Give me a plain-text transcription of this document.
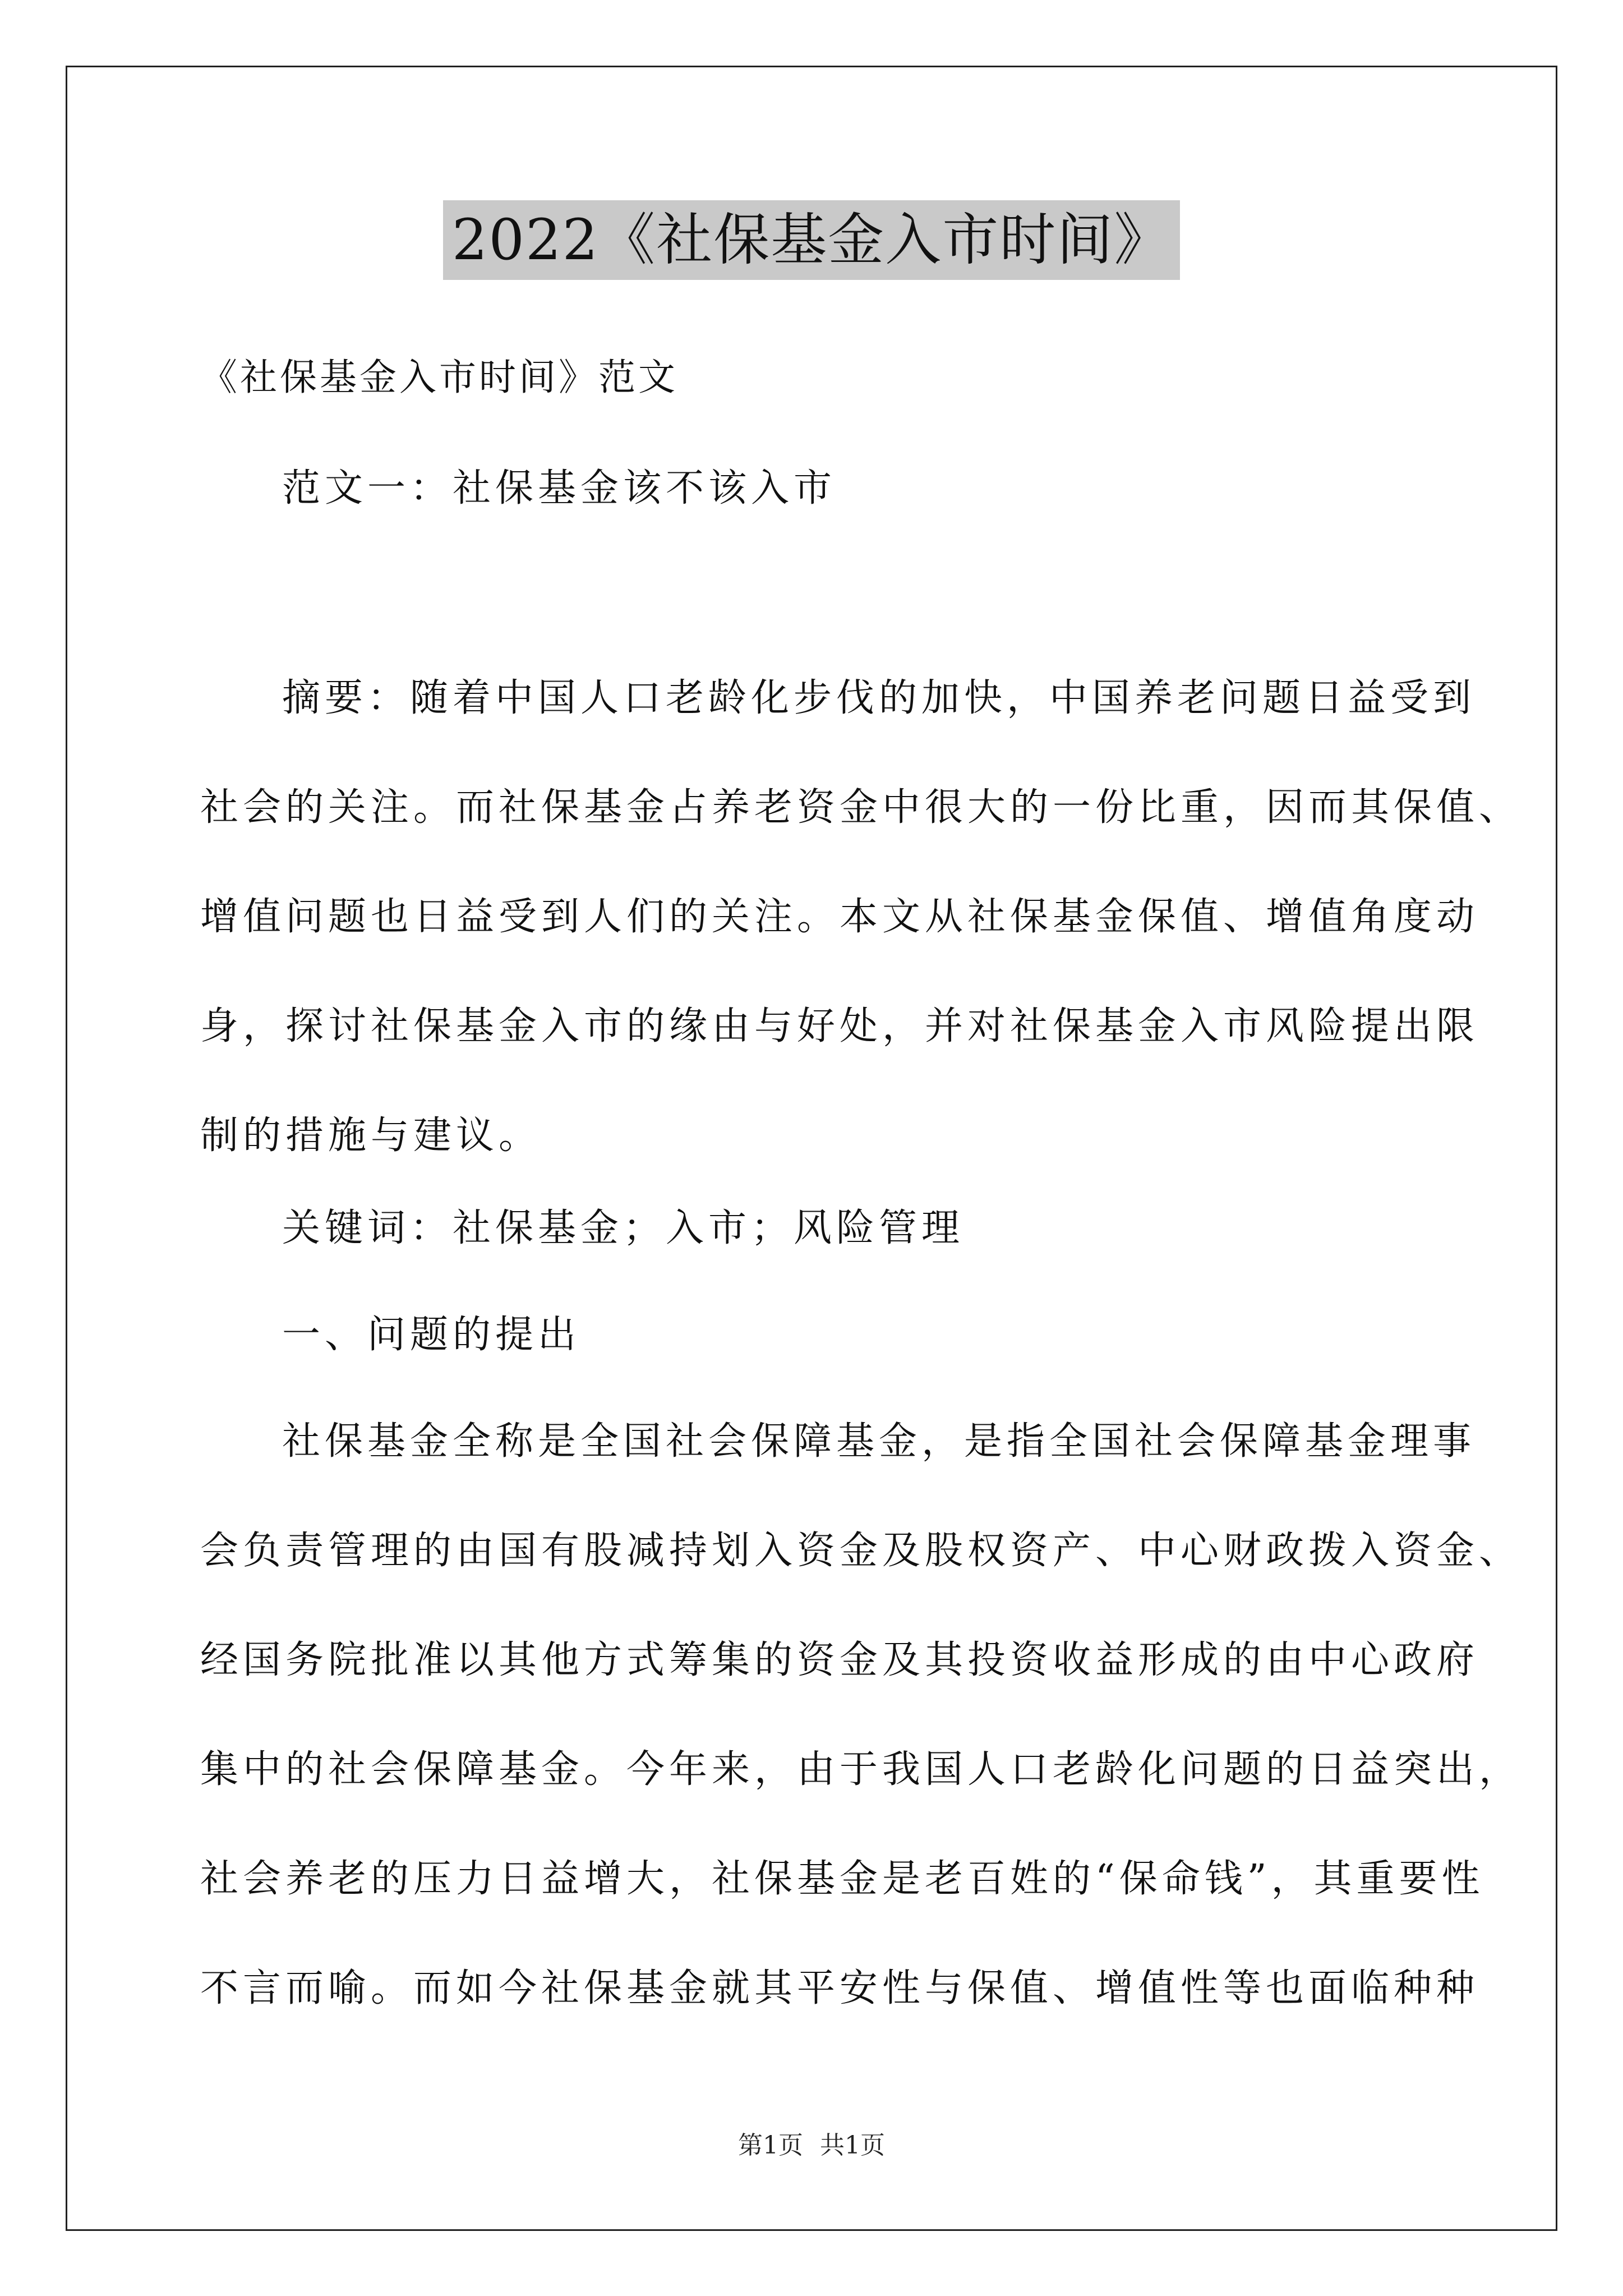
2022《社保基金入市时间》

《社保基金入市时间》范文

范文一：社保基金该不该入市

摘要：随着中国人口老龄化步伐的加快，中国养老问题日益受到

社会的关注。而社保基金占养老资金中很大的一份比重，因而其保值、

增值问题也日益受到人们的关注。本文从社保基金保值、增值角度动

身，探讨社保基金入市的缘由与好处，并对社保基金入市风险提出限

制的措施与建议。

关键词：社保基金；入市；风险管理

一、问题的提出

社保基金全称是全国社会保障基金，是指全国社会保障基金理事

会负责管理的由国有股减持划入资金及股权资产、中心财政拨入资金、

经国务院批准以其他方式筹集的资金及其投资收益形成的由中心政府

集中的社会保障基金。今年来，由于我国人口老龄化问题的日益突出，

社会养老的压力日益增大，社保基金是老百姓的“保命钱”，其重要性

不言而喻。而如今社保基金就其平安性与保值、增值性等也面临种种

第1页 共1页
